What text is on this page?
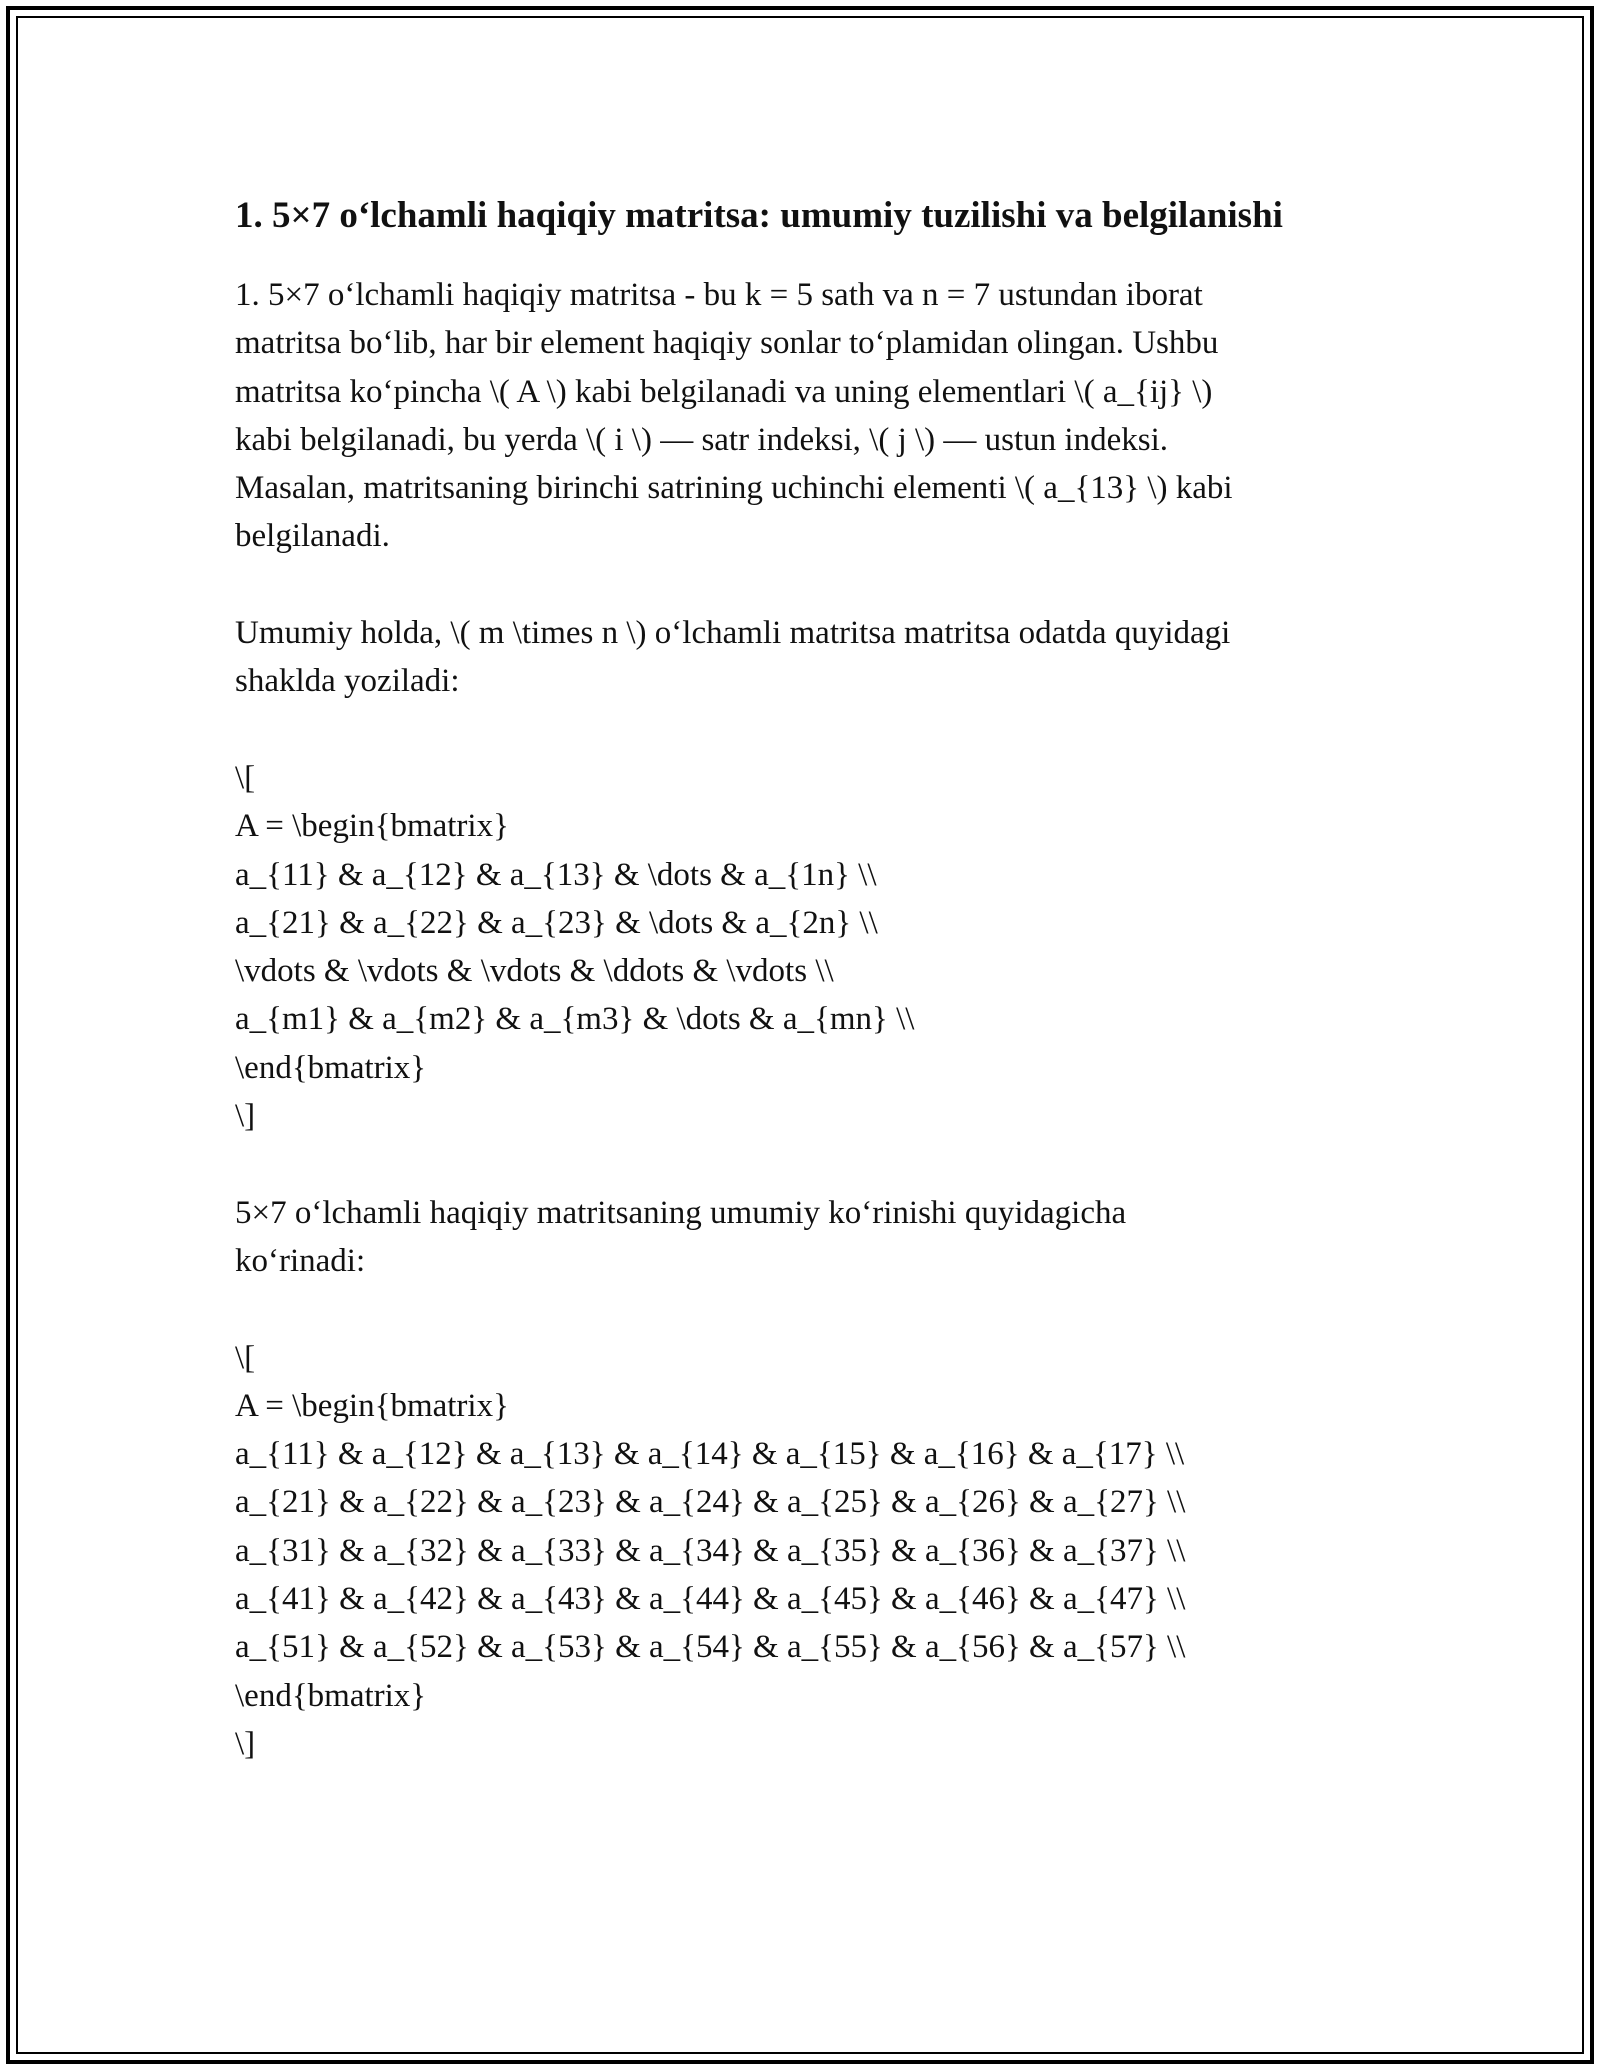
1. 5×7 o‘lchamli haqiqiy matritsa: umumiy tuzilishi va belgilanishi
1. 5×7 o‘lchamli haqiqiy matritsa - bu k = 5 sath va n = 7 ustundan iborat
matritsa bo‘lib, har bir element haqiqiy sonlar to‘plamidan olingan. Ushbu
matritsa ko‘pincha \( A \) kabi belgilanadi va uning elementlari \( a_{ij} \)
kabi belgilanadi, bu yerda \( i \) — satr indeksi, \( j \) — ustun indeksi.
Masalan, matritsaning birinchi satrining uchinchi elementi \( a_{13} \) kabi
belgilanadi.
Umumiy holda, \( m \times n \) o‘lchamli matritsa matritsa odatda quyidagi
shaklda yoziladi:
\[
A = \begin{bmatrix}
a_{11} & a_{12} & a_{13} & \dots & a_{1n} \\
a_{21} & a_{22} & a_{23} & \dots & a_{2n} \\
\vdots & \vdots & \vdots & \ddots & \vdots \\
a_{m1} & a_{m2} & a_{m3} & \dots & a_{mn} \\
\end{bmatrix}
\]
5×7 o‘lchamli haqiqiy matritsaning umumiy ko‘rinishi quyidagicha
ko‘rinadi:
\[
A = \begin{bmatrix}
a_{11} & a_{12} & a_{13} & a_{14} & a_{15} & a_{16} & a_{17} \\
a_{21} & a_{22} & a_{23} & a_{24} & a_{25} & a_{26} & a_{27} \\
a_{31} & a_{32} & a_{33} & a_{34} & a_{35} & a_{36} & a_{37} \\
a_{41} & a_{42} & a_{43} & a_{44} & a_{45} & a_{46} & a_{47} \\
a_{51} & a_{52} & a_{53} & a_{54} & a_{55} & a_{56} & a_{57} \\
\end{bmatrix}
\]
